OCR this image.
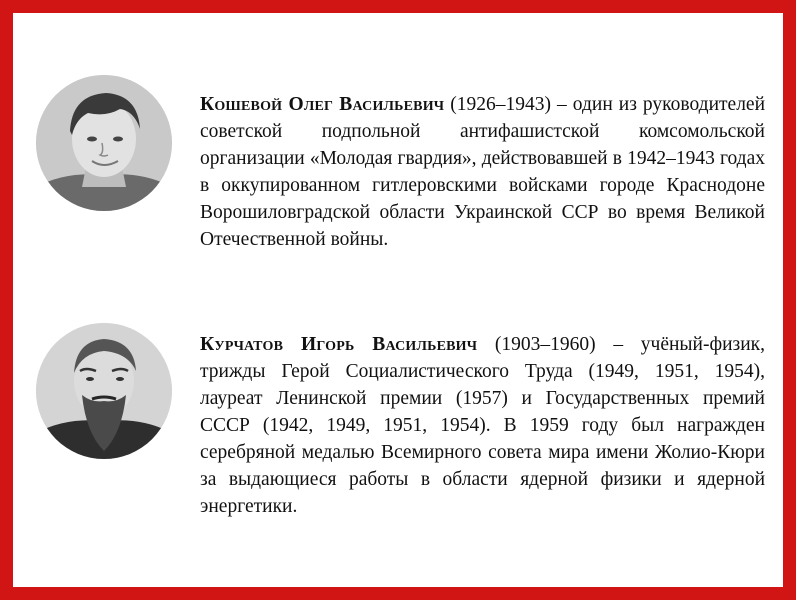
Кошевой Олег Васильевич (1926–1943) – один из руководителей советской подпольной антифашистской комсомольской организации «Молодая гвардия», действовавшей в 1942–1943 годах в оккупированном гитлеровскими войсками городе Краснодоне Ворошиловградской области Украинской ССР во время Великой Отечественной войны.

Курчатов Игорь Васильевич (1903–1960) – учёный-физик, трижды Герой Социалистического Труда (1949, 1951, 1954), лауреат Ленинской премии (1957) и Государственных премий СССР (1942, 1949, 1951, 1954). В 1959 году был награжден серебряной медалью Всемирного совета мира имени Жолио-Кюри за выдающиеся работы в области ядерной физики и ядерной энергетики.
